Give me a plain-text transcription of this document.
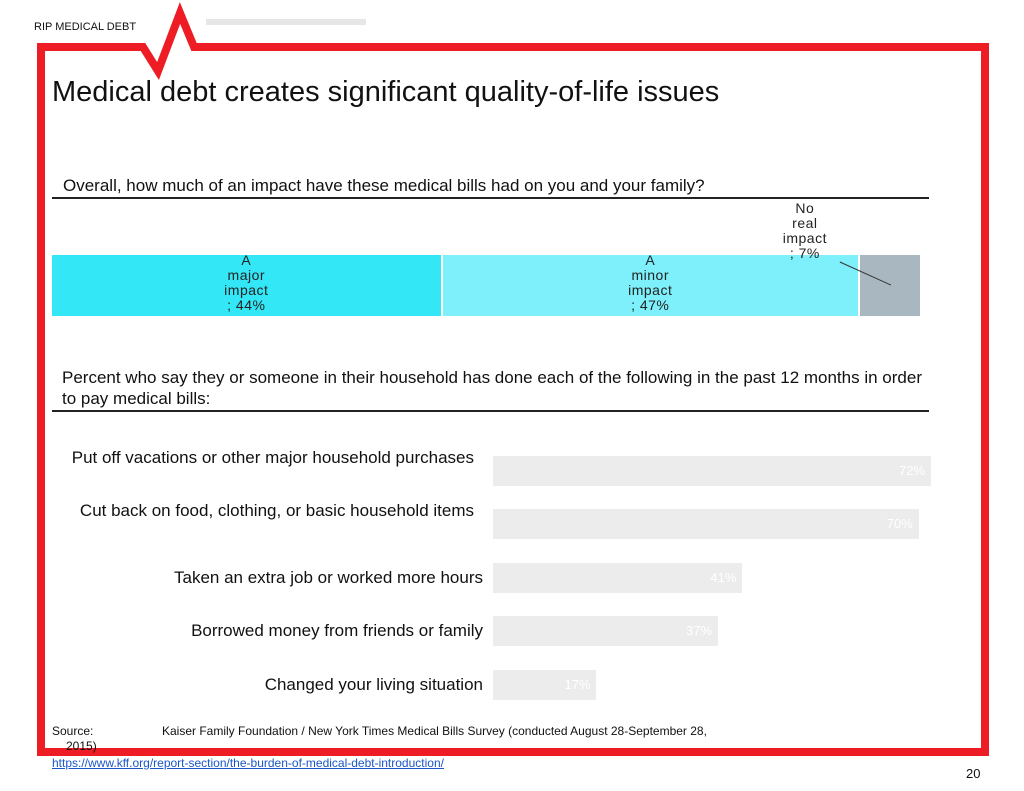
RIP MEDICAL DEBT
Medical debt creates significant quality-of-life issues
Overall, how much of an impact have these medical bills had on you and your family?
A
major
impact
; 44%
A
minor
impact
; 47%
No
real
impact
; 7%
Percent who say they or someone in their household has done each of the following in the past 12 months in order to pay medical bills:
72%
Put off vacations or other major household purchases
70%
Cut back on food, clothing, or basic household items
41%
Taken an extra job or worked more hours
37%
Borrowed money from friends or family
17%
Changed your living situation
Source:	Kaiser Family Foundation / New York Times Medical Bills Survey (conducted August 28-September 28,
2015)
https://www.kff.org/report-section/the-burden-of-medical-debt-introduction/
20
